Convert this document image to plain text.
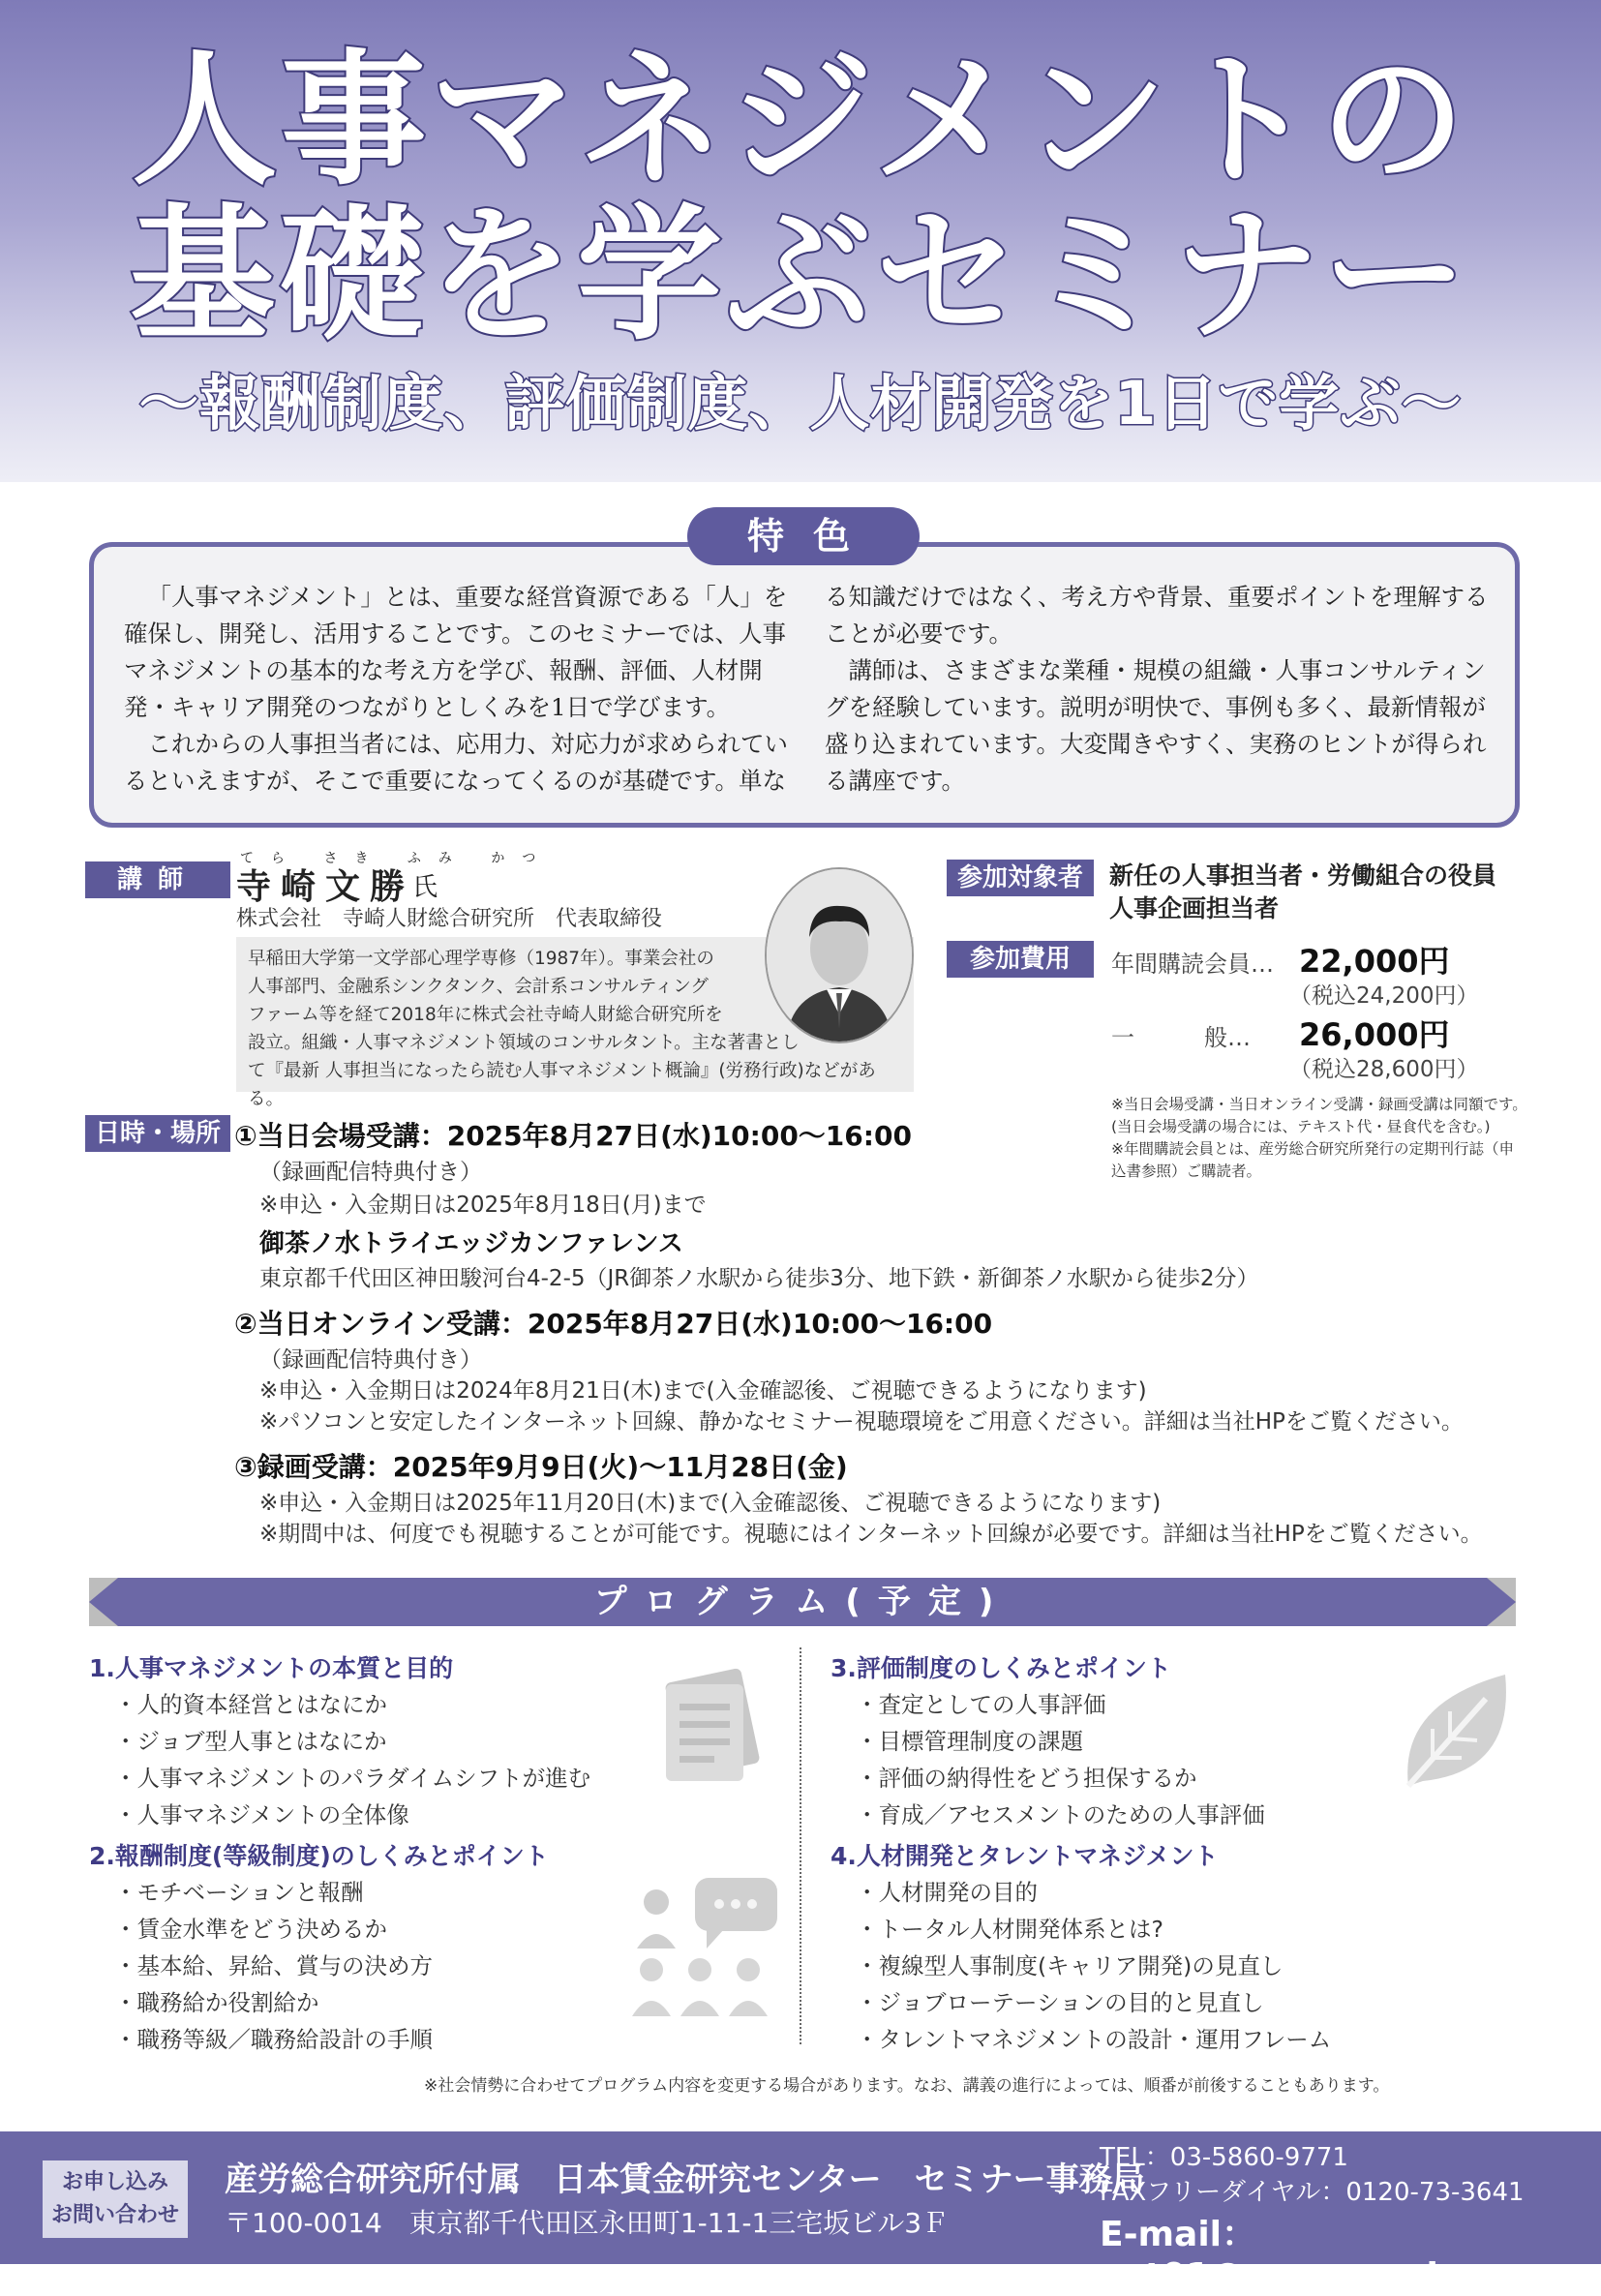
人事マネジメントの
基礎を学ぶセミナー
〜報酬制度、評価制度、人材開発を1日で学ぶ〜
特色

「人事マネジメント」とは、重要な経営資源である「人」を確保し、開発し、活用することです。このセミナーでは、人事マネジメントの基本的な考え方を学び、報酬、評価、人材開発・キャリア開発のつながりとしくみを1日で学びます。

これからの人事担当者には、応用力、対応力が求められているといえますが、そこで重要になってくるのが基礎です。単な

る知識だけではなく、考え方や背景、重要ポイントを理解することが必要です。

講師は、さまざまな業種・規模の組織・人事コンサルティングを経験しています。説明が明快で、事例も多く、最新情報が盛り込まれています。大変聞きやすく、実務のヒントが得られる講座です。

講師
てら さき ふみ かつ
寺崎文勝
氏
株式会社　寺崎人財総合研究所　代表取締役
早稲田大学第一文学部心理学専修（1987年）。事業会社の
人事部門、金融系シンクタンク、会計系コンサルティング
ファーム等を経て2018年に株式会社寺崎人財総合研究所を
設立。組織・人事マネジメント領域のコンサルタント。主な著書とし
て『最新 人事担当になったら読む人事マネジメント概論』(労務行政)などがある。
参加対象者	新任の人事担当者・労働組合の役員
人事企画担当者
参加費用	年間購読会員… 22,000円
（税込24,200円）
一　　　般… 26,000円
（税込28,600円）
※当日会場受講・当日オンライン受講・録画受講は同額です。(当日会場受講の場合には、テキスト代・昼食代を含む。)
※年間購読会員とは、産労総合研究所発行の定期刊行誌（申込書参照）ご購読者。
日時・場所 ①当日会場受講：2025年8月27日(水)10:00〜16:00
（録画配信特典付き）
※申込・入金期日は2025年8月18日(月)まで
御茶ノ水トライエッジカンファレンス
東京都千代田区神田駿河台4-2-5（JR御茶ノ水駅から徒歩3分、地下鉄・新御茶ノ水駅から徒歩2分）
②当日オンライン受講：2025年8月27日(水)10:00〜16:00
（録画配信特典付き）
※申込・入金期日は2024年8月21日(木)まで(入金確認後、ご視聴できるようになります)
※パソコンと安定したインターネット回線、静かなセミナー視聴環境をご用意ください。詳細は当社HPをご覧ください。
③録画受講：2025年9月9日(火)〜11月28日(金)
※申込・入金期日は2025年11月20日(木)まで(入金確認後、ご視聴できるようになります)
※期間中は、何度でも視聴することが可能です。視聴にはインターネット回線が必要です。詳細は当社HPをご覧ください。
プログラム(予定)
1.人事マネジメントの本質と目的
・人的資本経営とはなにか
・ジョブ型人事とはなにか
・人事マネジメントのパラダイムシフトが進む
・人事マネジメントの全体像
2.報酬制度(等級制度)のしくみとポイント
・モチベーションと報酬
・賃金水準をどう決めるか
・基本給、昇給、賞与の決め方
・職務給か役割給か
・職務等級／職務給設計の手順
3.評価制度のしくみとポイント
・査定としての人事評価
・目標管理制度の課題
・評価の納得性をどう担保するか
・育成／アセスメントのための人事評価
4.人材開発とタレントマネジメント
・人材開発の目的
・トータル人材開発体系とは?
・複線型人事制度(キャリア開発)の見直し
・ジョブローテーションの目的と見直し
・タレントマネジメントの設計・運用フレーム
※社会情勢に合わせてプログラム内容を変更する場合があります。なお、講義の進行によっては、順番が前後することもあります。
お申し込み
お問い合わせ
産労総合研究所付属　日本賃金研究センター　セミナー事務局
〒100-0014　東京都千代田区永田町1-11-1三宅坂ビル3Ｆ
TEL：03-5860-9771
FAXフリーダイヤル：0120-73-3641
E-mail：cnt01@sanro.co.jp
